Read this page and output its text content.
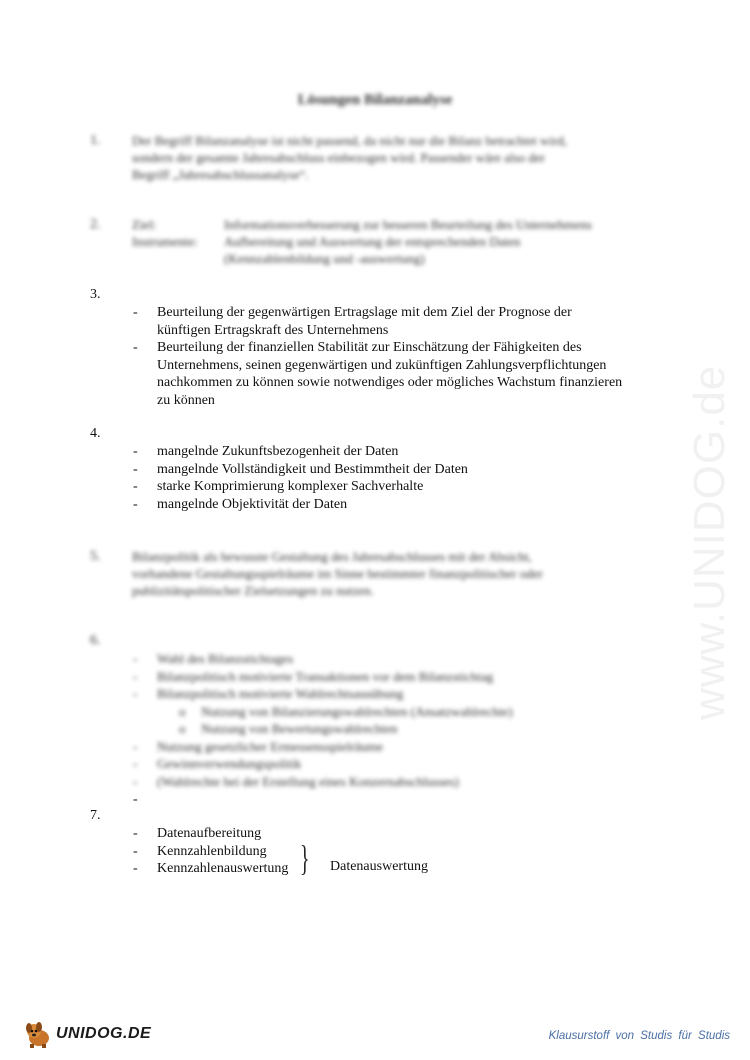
www.UNIDOG.de
Lösungen Bilanzanalyse
1. Der Begriff Bilanzanalyse ist nicht passend, da nicht nur die Bilanz betrachtet wird,
sondern der gesamte Jahresabschluss einbezogen wird. Passender wäre also der
Begriff „Jahresabschlussanalyse“.
2. Ziel:	Informationsverbesserung zur besseren Beurteilung des Unternehmens
Instrumente:	Aufbereitung und Auswertung der entsprechenden Daten
(Kennzahlenbildung und -auswertung)
3.
- Beurteilung der gegenwärtigen Ertragslage mit dem Ziel der Prognose der
künftigen Ertragskraft des Unternehmens
- Beurteilung der finanziellen Stabilität zur Einschätzung der Fähigkeiten des
Unternehmens, seinen gegenwärtigen und zukünftigen Zahlungsverpflichtungen
nachkommen zu können sowie notwendiges oder mögliches Wachstum finanzieren
zu können
4.
- mangelnde Zukunftsbezogenheit der Daten
- mangelnde Vollständigkeit und Bestimmtheit der Daten
- starke Komprimierung komplexer Sachverhalte
- mangelnde Objektivität der Daten
5. Bilanzpolitik als bewusste Gestaltung des Jahresabschlusses mit der Absicht,
vorhandene Gestaltungsspielräume im Sinne bestimmter finanzpolitischer oder
publizitätspolitischer Zielsetzungen zu nutzen.
6.
- Wahl des Bilanzstichtages
- Bilanzpolitisch motivierte Transaktionen vor dem Bilanzstichtag
- Bilanzpolitisch motivierte Wahlrechtsausübung
o Nutzung von Bilanzierungswahlrechten (Ansatzwahlrechte)
o Nutzung von Bewertungswahlrechten
- Nutzung gesetzlicher Ermessensspielräume
- Gewinnverwendungspolitik
- (Wahlrechte bei der Erstellung eines Konzernabschlusses)
-
7.
- Datenaufbereitung
- Kennzahlenbildung
- Kennzahlenauswertung } Datenauswertung
UNIDOG.DE	Klausurstoff von Studis für Studis
